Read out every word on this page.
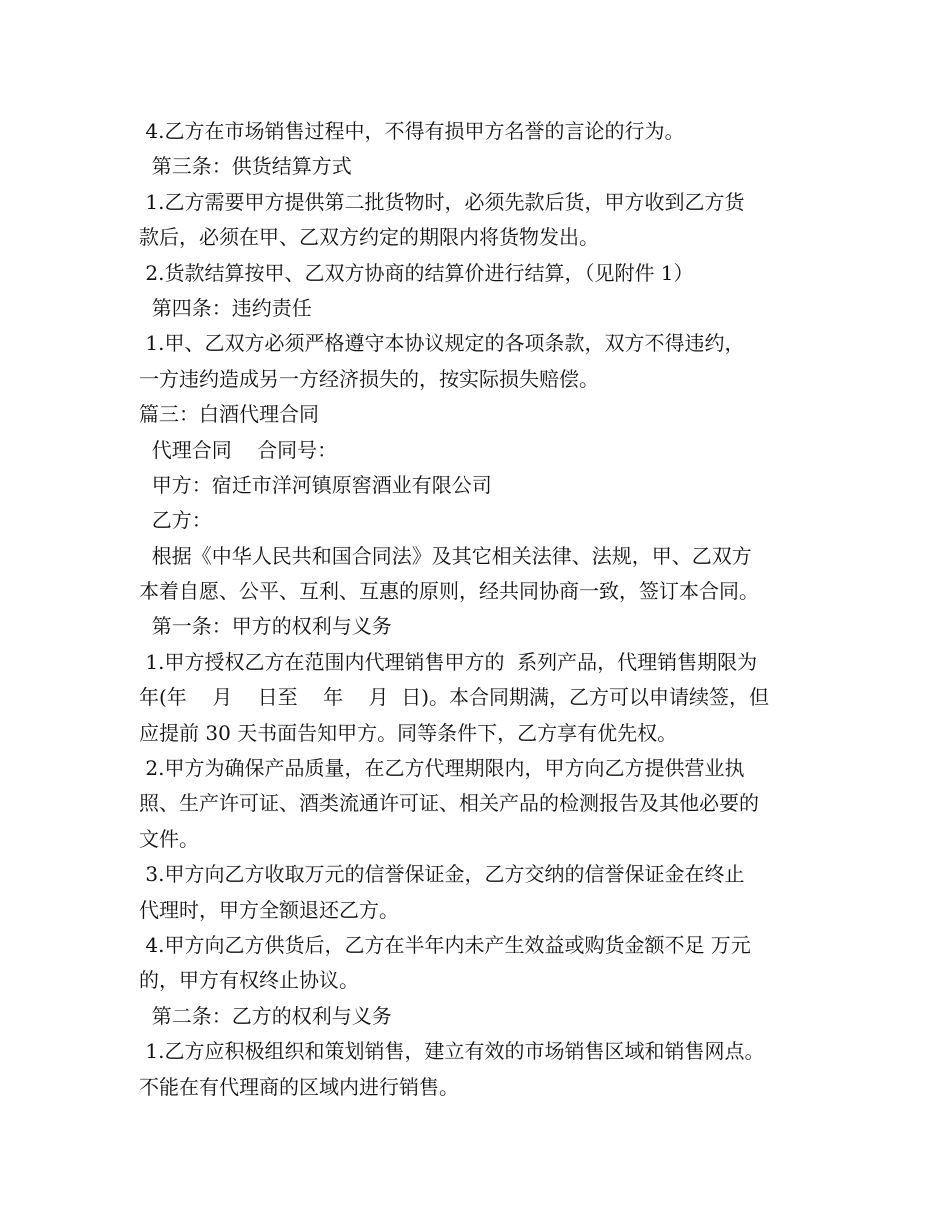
4.乙方在市场销售过程中，不得有损甲方名誉的言论的行为。
第三条：供货结算方式
1.乙方需要甲方提供第二批货物时，必须先款后货，甲方收到乙方货
款后，必须在甲、乙双方约定的期限内将货物发出。
2.货款结算按甲、乙双方协商的结算价进行结算，（见附件 1）
第四条：违约责任
1.甲、乙双方必须严格遵守本协议规定的各项条款，双方不得违约，
一方违约造成另一方经济损失的，按实际损失赔偿。
篇三：白酒代理合同
代理合同    合同号：
甲方：宿迁市洋河镇原窖酒业有限公司
乙方：
根据《中华人民共和国合同法》及其它相关法律、法规，甲、乙双方
本着自愿、公平、互利、互惠的原则，经共同协商一致，签订本合同。
第一条：甲方的权利与义务
1.甲方授权乙方在范围内代理销售甲方的  系列产品，代理销售期限为
年(年    月    日至    年    月  日)。本合同期满，乙方可以申请续签，但
应提前 30 天书面告知甲方。同等条件下，乙方享有优先权。
2.甲方为确保产品质量，在乙方代理期限内，甲方向乙方提供营业执
照、生产许可证、酒类流通许可证、相关产品的检测报告及其他必要的
文件。
3.甲方向乙方收取万元的信誉保证金，乙方交纳的信誉保证金在终止
代理时，甲方全额退还乙方。
4.甲方向乙方供货后，乙方在半年内未产生效益或购货金额不足 万元
的，甲方有权终止协议。
第二条：乙方的权利与义务
1.乙方应积极组织和策划销售，建立有效的市场销售区域和销售网点。
不能在有代理商的区域内进行销售。
